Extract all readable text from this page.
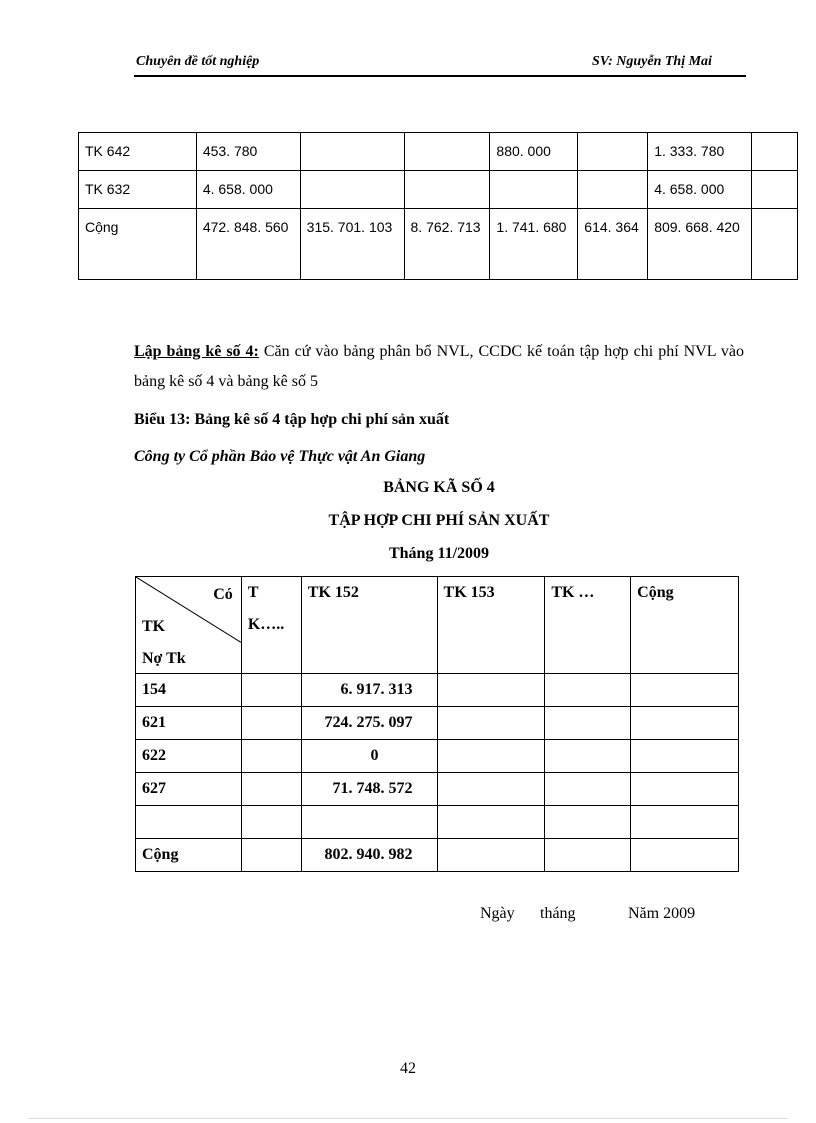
Chuyên đề tốt nghiệp	SV: Nguyễn Thị Mai
TK 642	453. 780			880. 000		1. 333. 780	
TK 632	4. 658. 000					4. 658. 000	
Cộng	472. 848. 560	315. 701. 103	8. 762. 713	1. 741. 680	614. 364	809. 668. 420	
Lập bảng kê số 4: Căn cứ vào bảng phân bổ NVL, CCDC kế toán tập hợp chi phí NVL vào bảng kê số 4 và bảng kê số 5
Biểu 13: Bảng kê số 4 tập hợp chi phí sản xuất
Công ty Cổ phần Bảo vệ Thực vật An Giang
BẢNG KÃ SỐ 4
TẬP HỢP CHI PHÍ SẢN XUẤT
Tháng 11/2009
Có
TK
Nợ Tk	TK…..	TK 152	TK 153	TK …	Cộng
154		6. 917. 313			
621		724. 275. 097			
622		0			
627		71. 748. 572			

Cộng		802. 940. 982			
Ngày tháng	Năm 2009
42
